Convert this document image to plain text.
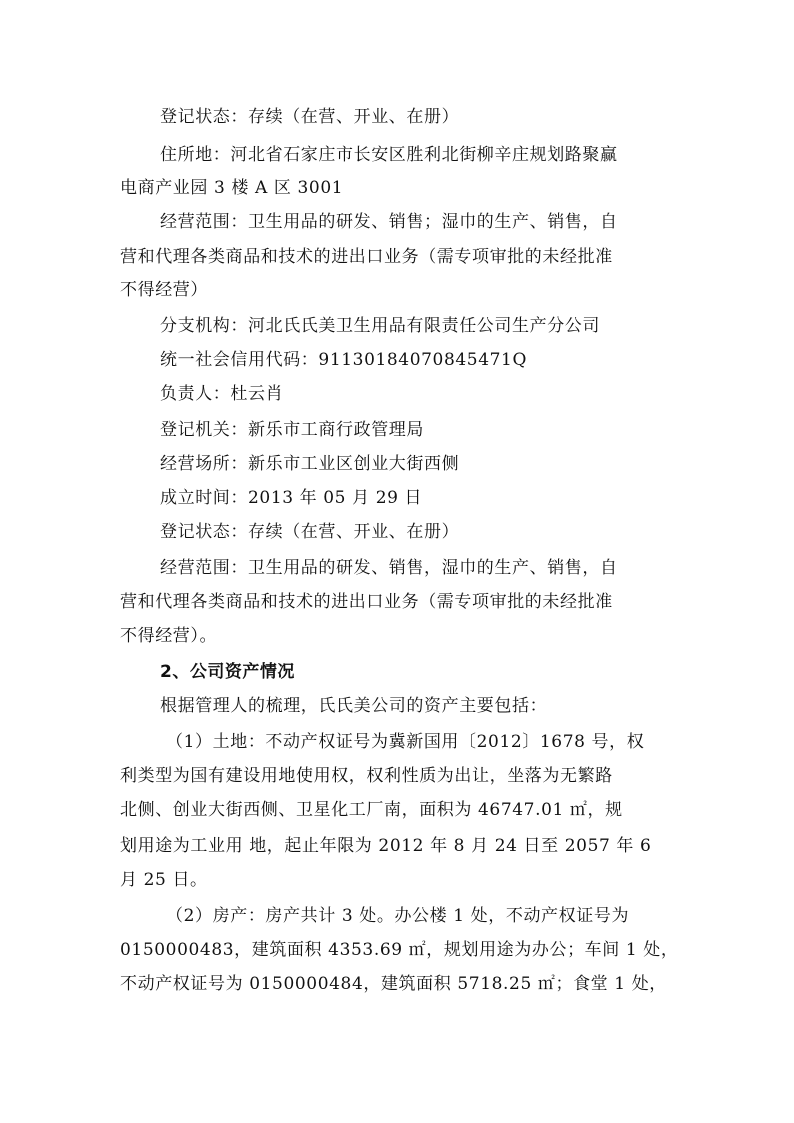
登记状态：存续（在营、开业、在册）
住所地：河北省石家庄市长安区胜利北街柳辛庄规划路聚赢
电商产业园 3 楼 A 区 3001
经营范围：卫生用品的研发、销售；湿巾的生产、销售，自
营和代理各类商品和技术的进出口业务（需专项审批的未经批准
不得经营）
分支机构：河北氏氏美卫生用品有限责任公司生产分公司
统一社会信用代码：91130184070845471Q
负责人：杜云肖
登记机关：新乐市工商行政管理局
经营场所：新乐市工业区创业大街西侧
成立时间：2013 年 05 月 29 日
登记状态：存续（在营、开业、在册）
经营范围：卫生用品的研发、销售，湿巾的生产、销售，自
营和代理各类商品和技术的进出口业务（需专项审批的未经批准
不得经营）。
2、公司资产情况
根据管理人的梳理，氏氏美公司的资产主要包括：
（1）土地：不动产权证号为冀新国用〔2012〕1678 号，权
利类型为国有建设用地使用权，权利性质为出让，坐落为无繁路
北侧、创业大街西侧、卫星化工厂南，面积为 46747.01 ㎡，规
划用途为工业用 地，起止年限为 2012 年 8 月 24 日至 2057 年 6
月 25 日。
（2）房产：房产共计 3 处。办公楼 1 处，不动产权证号为
0150000483，建筑面积 4353.69 ㎡，规划用途为办公；车间 1 处，
不动产权证号为 0150000484，建筑面积 5718.25 ㎡；食堂 1 处，
